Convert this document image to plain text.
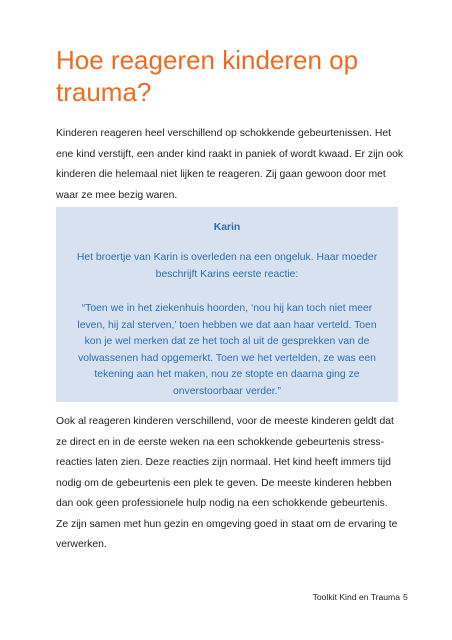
Hoe reageren kinderen op trauma?

Kinderen reageren heel verschillend op schokkende gebeurtenissen. Het
ene kind verstijft, een ander kind raakt in paniek of wordt kwaad. Er zijn ook
kinderen die helemaal niet lijken te reageren. Zij gaan gewoon door met
waar ze mee bezig waren.

Karin

Het broertje van Karin is overleden na een ongeluk. Haar moeder
beschrijft Karins eerste reactie:

“Toen we in het ziekenhuis hoorden, ‘nou hij kan toch niet meer
leven, hij zal sterven,’ toen hebben we dat aan haar verteld. Toen
kon je wel merken dat ze het toch al uit de gesprekken van de
volwassenen had opgemerkt. Toen we het vertelden, ze was een
tekening aan het maken, nou ze stopte en daarna ging ze
onverstoorbaar verder.”

Ook al reageren kinderen verschillend, voor de meeste kinderen geldt dat
ze direct en in de eerste weken na een schokkende gebeurtenis stress-
reacties laten zien. Deze reacties zijn normaal. Het kind heeft immers tijd
nodig om de gebeurtenis een plek te geven. De meeste kinderen hebben
dan ook geen professionele hulp nodig na een schokkende gebeurtenis.
Ze zijn samen met hun gezin en omgeving goed in staat om de ervaring te
verwerken.

Toolkit Kind en Trauma 5
